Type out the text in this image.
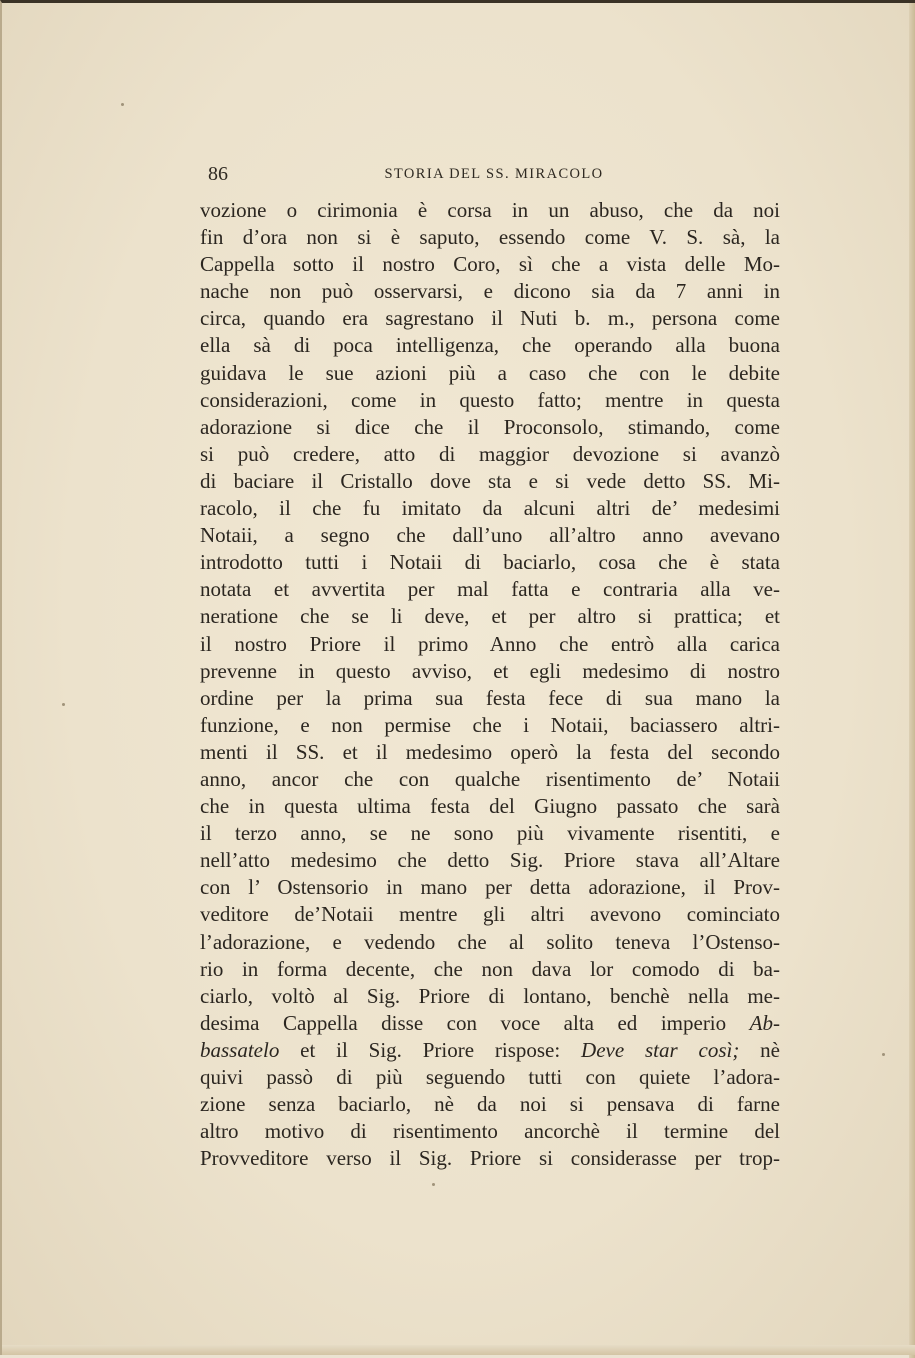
86	STORIA DEL SS. MIRACOLO
vozione o cirimonia è corsa in un abuso, che da noi
fin d’ora non si è saputo, essendo come V. S. sà, la
Cappella sotto il nostro Coro, sì che a vista delle Mo-
nache non può osservarsi, e dicono sia da 7 anni in
circa, quando era sagrestano il Nuti b. m., persona come
ella sà di poca intelligenza, che operando alla buona
guidava le sue azioni più a caso che con le debite
considerazioni, come in questo fatto; mentre in questa
adorazione si dice che il Proconsolo, stimando, come
si può credere, atto di maggior devozione si avanzò
di baciare il Cristallo dove sta e si vede detto SS. Mi-
racolo, il che fu imitato da alcuni altri de’ medesimi
Notaii, a segno che dall’uno all’altro anno avevano
introdotto tutti i Notaii di baciarlo, cosa che è stata
notata et avvertita per mal fatta e contraria alla ve-
neratione che se li deve, et per altro si prattica; et
il nostro Priore il primo Anno che entrò alla carica
prevenne in questo avviso, et egli medesimo di nostro
ordine per la prima sua festa fece di sua mano la
funzione, e non permise che i Notaii, baciassero altri-
menti il SS. et il medesimo operò la festa del secondo
anno, ancor che con qualche risentimento de’ Notaii
che in questa ultima festa del Giugno passato che sarà
il terzo anno, se ne sono più vivamente risentiti, e
nell’atto medesimo che detto Sig. Priore stava all’Altare
con l’ Ostensorio in mano per detta adorazione, il Prov-
veditore de’Notaii mentre gli altri avevono cominciato
l’adorazione, e vedendo che al solito teneva l’Ostenso-
rio in forma decente, che non dava lor comodo di ba-
ciarlo, voltò al Sig. Priore di lontano, benchè nella me-
desima Cappella disse con voce alta ed imperio Ab-
bassatelo et il Sig. Priore rispose: Deve star così; nè
quivi passò di più seguendo tutti con quiete l’adora-
zione senza baciarlo, nè da noi si pensava di farne
altro motivo di risentimento ancorchè il termine del
Provveditore verso il Sig. Priore si considerasse per trop-
